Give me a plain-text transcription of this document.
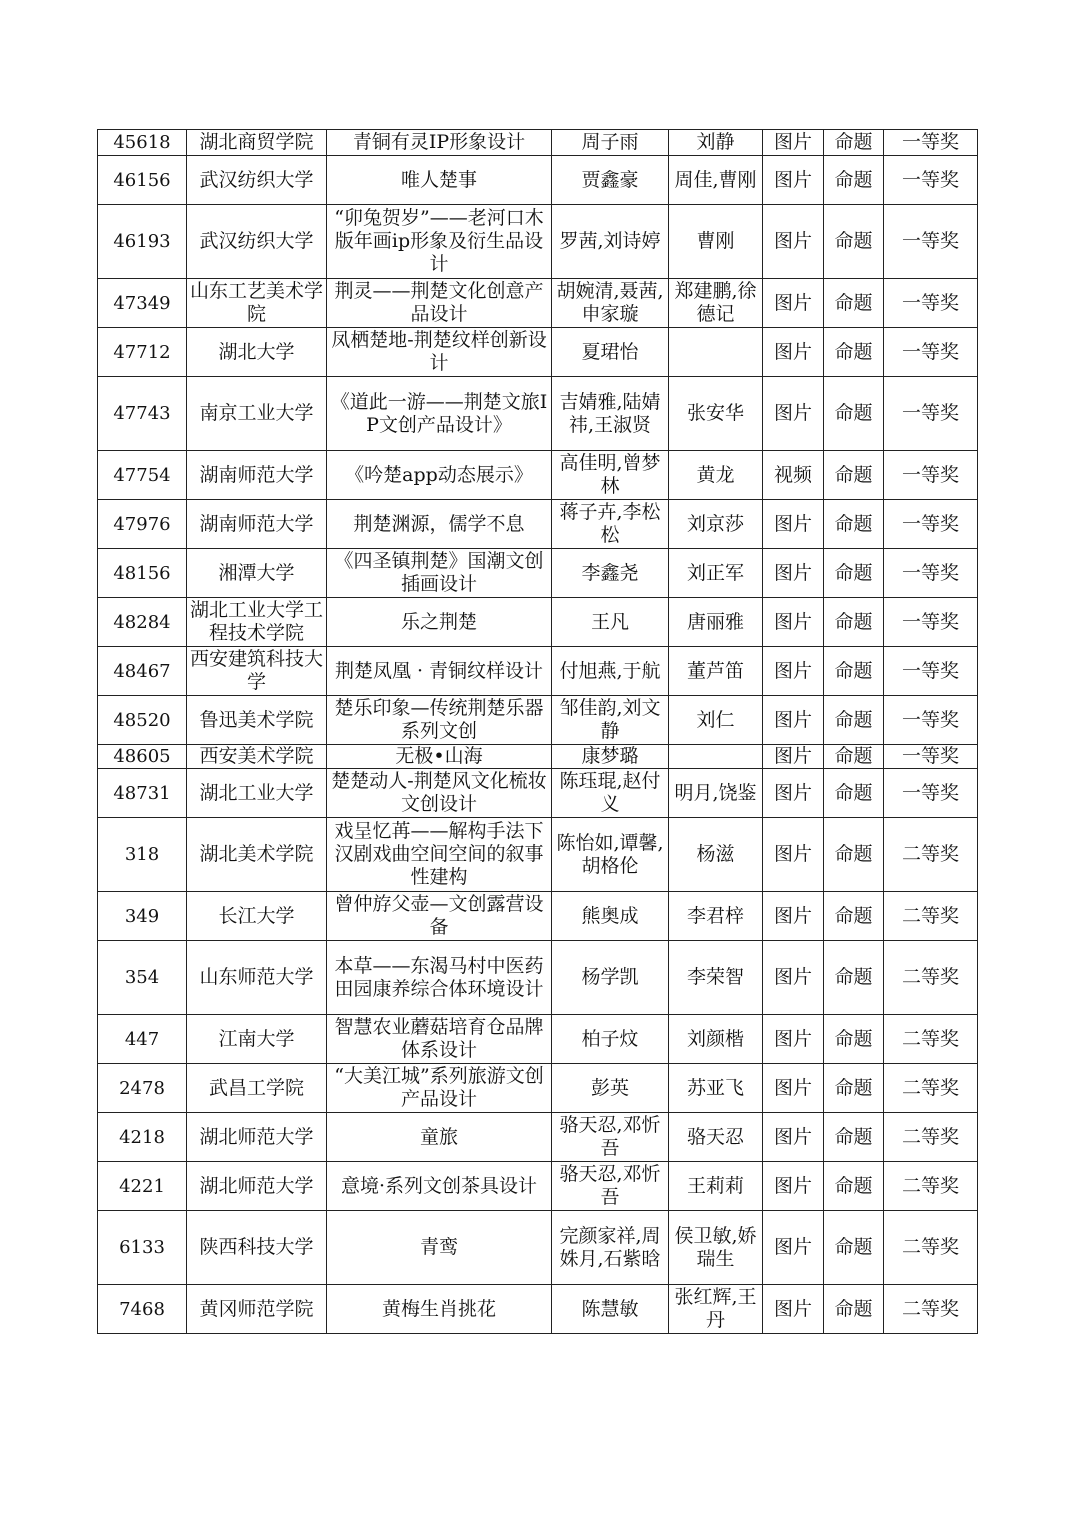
45618	湖北商贸学院	青铜有灵IP形象设计	周子雨	刘静	图片	命题	一等奖
46156	武汉纺织大学	唯人楚事	贾鑫豪	周佳,曹刚	图片	命题	一等奖
46193	武汉纺织大学	“卯兔贺岁”——老河口木版年画ip形象及衍生品设计	罗茜,刘诗婷	曹刚	图片	命题	一等奖
47349	山东工艺美术学院	荆灵——荆楚文化创意产品设计	胡婉清,聂茜,申家璇	郑建鹏,徐德记	图片	命题	一等奖
47712	湖北大学	凤栖楚地-荆楚纹样创新设计	夏珺怡		图片	命题	一等奖
47743	南京工业大学	《道此一游——荆楚文旅IP文创产品设计》	吉婧雅,陆婧祎,王淑贤	张安华	图片	命题	一等奖
47754	湖南师范大学	《吟楚app动态展示》	高佳明,曾梦林	黄龙	视频	命题	一等奖
47976	湖南师范大学	荆楚渊源，儒学不息	蒋子卉,李松松	刘京莎	图片	命题	一等奖
48156	湘潭大学	《四圣镇荆楚》国潮文创插画设计	李鑫尧	刘正军	图片	命题	一等奖
48284	湖北工业大学工程技术学院	乐之荆楚	王凡	唐丽雅	图片	命题	一等奖
48467	西安建筑科技大学	荆楚凤凰 · 青铜纹样设计	付旭燕,于航	董芦笛	图片	命题	一等奖
48520	鲁迅美术学院	楚乐印象—传统荆楚乐器系列文创	邹佳韵,刘文静	刘仁	图片	命题	一等奖
48605	西安美术学院	无极•山海	康梦璐		图片	命题	一等奖
48731	湖北工业大学	楚楚动人-荆楚风文化梳妆文创设计	陈珏琨,赵付义	明月,饶鉴	图片	命题	一等奖
318	湖北美术学院	戏呈忆苒——解构手法下汉剧戏曲空间空间的叙事性建构	陈怡如,谭馨,胡格伦	杨滋	图片	命题	二等奖
349	长江大学	曾仲斿父壶—文创露营设备	熊奥成	李君梓	图片	命题	二等奖
354	山东师范大学	本草——东渴马村中医药田园康养综合体环境设计	杨学凯	李荣智	图片	命题	二等奖
447	江南大学	智慧农业蘑菇培育仓品牌体系设计	柏子炆	刘颜楷	图片	命题	二等奖
2478	武昌工学院	“大美江城”系列旅游文创产品设计	彭英	苏亚飞	图片	命题	二等奖
4218	湖北师范大学	童旅	骆天忍,邓忻吾	骆天忍	图片	命题	二等奖
4221	湖北师范大学	意境·系列文创茶具设计	骆天忍,邓忻吾	王莉莉	图片	命题	二等奖
6133	陕西科技大学	青鸾	完颜家祥,周姝月,石紫晗	侯卫敏,娇瑞生	图片	命题	二等奖
7468	黄冈师范学院	黄梅生肖挑花	陈慧敏	张红辉,王丹	图片	命题	二等奖
